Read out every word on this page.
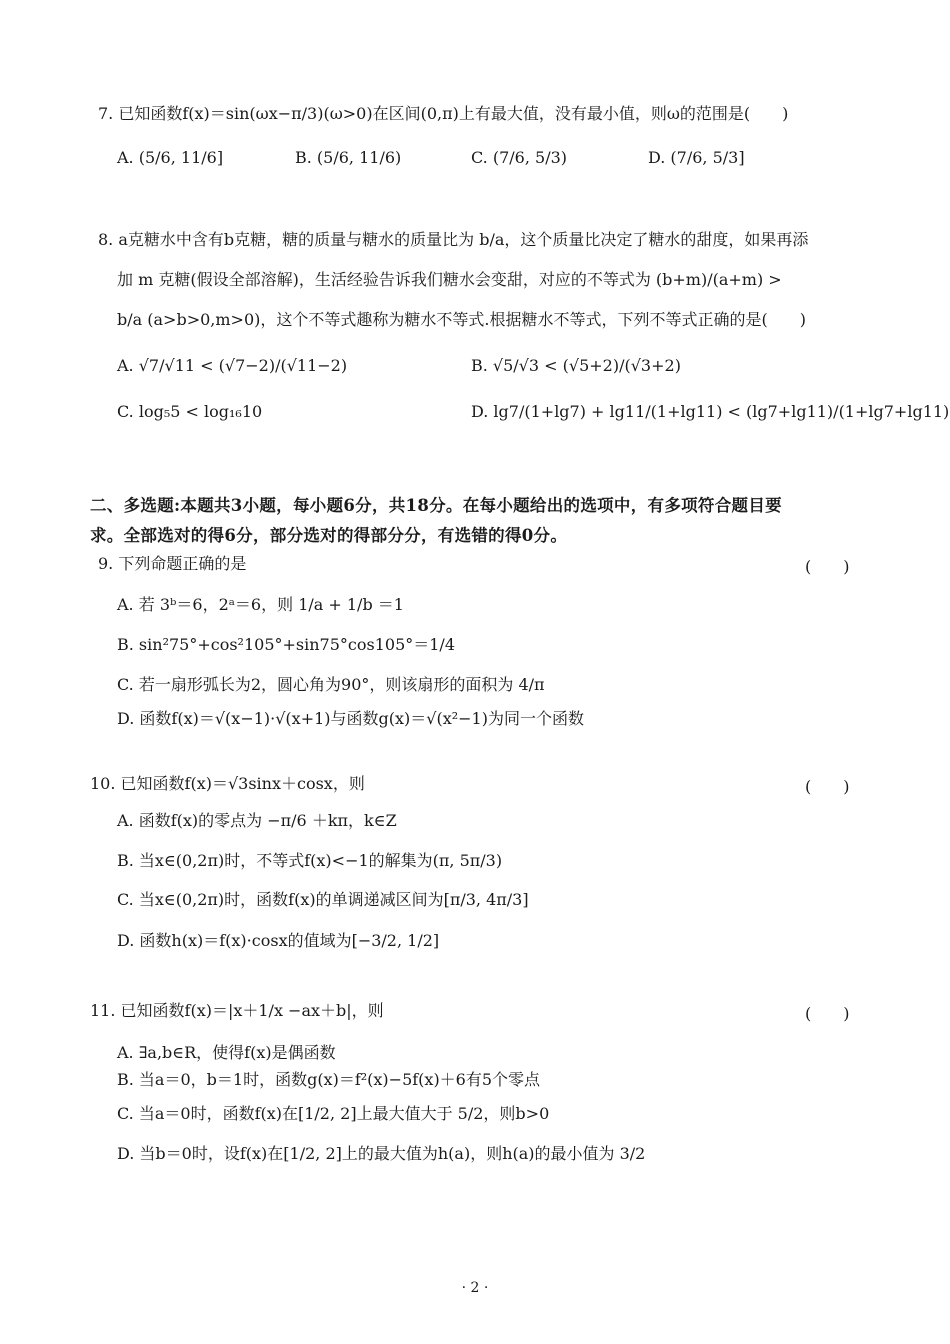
7. 已知函数f(x)＝sin(ωx−π/3)(ω>0)在区间(0,π)上有最大值，没有最小值，则ω的范围是(　　)
A. (5/6, 11/6]	B. (5/6, 11/6)	C. (7/6, 5/3)	D. (7/6, 5/3]
8. a克糖水中含有b克糖，糖的质量与糖水的质量比为 b/a，这个质量比决定了糖水的甜度，如果再添
加 m 克糖(假设全部溶解)，生活经验告诉我们糖水会变甜，对应的不等式为 (b+m)/(a+m) >
b/a (a>b>0,m>0)，这个不等式趣称为糖水不等式.根据糖水不等式，下列不等式正确的是(　　)
A. √7/√11 < (√7−2)/(√11−2)	B. √5/√3 < (√5+2)/(√3+2)
C. log₅5 < log₁₆10	D. lg7/(1+lg7) + lg11/(1+lg11) < (lg7+lg11)/(1+lg7+lg11)
二、多选题:本题共3小题，每小题6分，共18分。在每小题给出的选项中，有多项符合题目要
求。全部选对的得6分，部分选对的得部分分，有选错的得0分。
9. 下列命题正确的是	(　　)
A. 若 3ᵇ＝6，2ᵃ＝6，则 1/a + 1/b ＝1
B. sin²75°+cos²105°+sin75°cos105°＝1/4
C. 若一扇形弧长为2，圆心角为90°，则该扇形的面积为 4/π
D. 函数f(x)＝√(x−1)·√(x+1)与函数g(x)＝√(x²−1)为同一个函数
10. 已知函数f(x)＝√3sinx＋cosx，则	(　　)
A. 函数f(x)的零点为 −π/6 ＋kπ，k∈Z
B. 当x∈(0,2π)时，不等式f(x)<−1的解集为(π, 5π/3)
C. 当x∈(0,2π)时，函数f(x)的单调递减区间为[π/3, 4π/3]
D. 函数h(x)＝f(x)·cosx的值域为[−3/2, 1/2]
11. 已知函数f(x)＝|x＋1/x −ax＋b|，则	(　　)
A. ∃a,b∈R，使得f(x)是偶函数
B. 当a＝0，b＝1时，函数g(x)＝f²(x)−5f(x)＋6有5个零点
C. 当a＝0时，函数f(x)在[1/2, 2]上最大值大于 5/2，则b>0
D. 当b＝0时，设f(x)在[1/2, 2]上的最大值为h(a)，则h(a)的最小值为 3/2
· 2 ·
